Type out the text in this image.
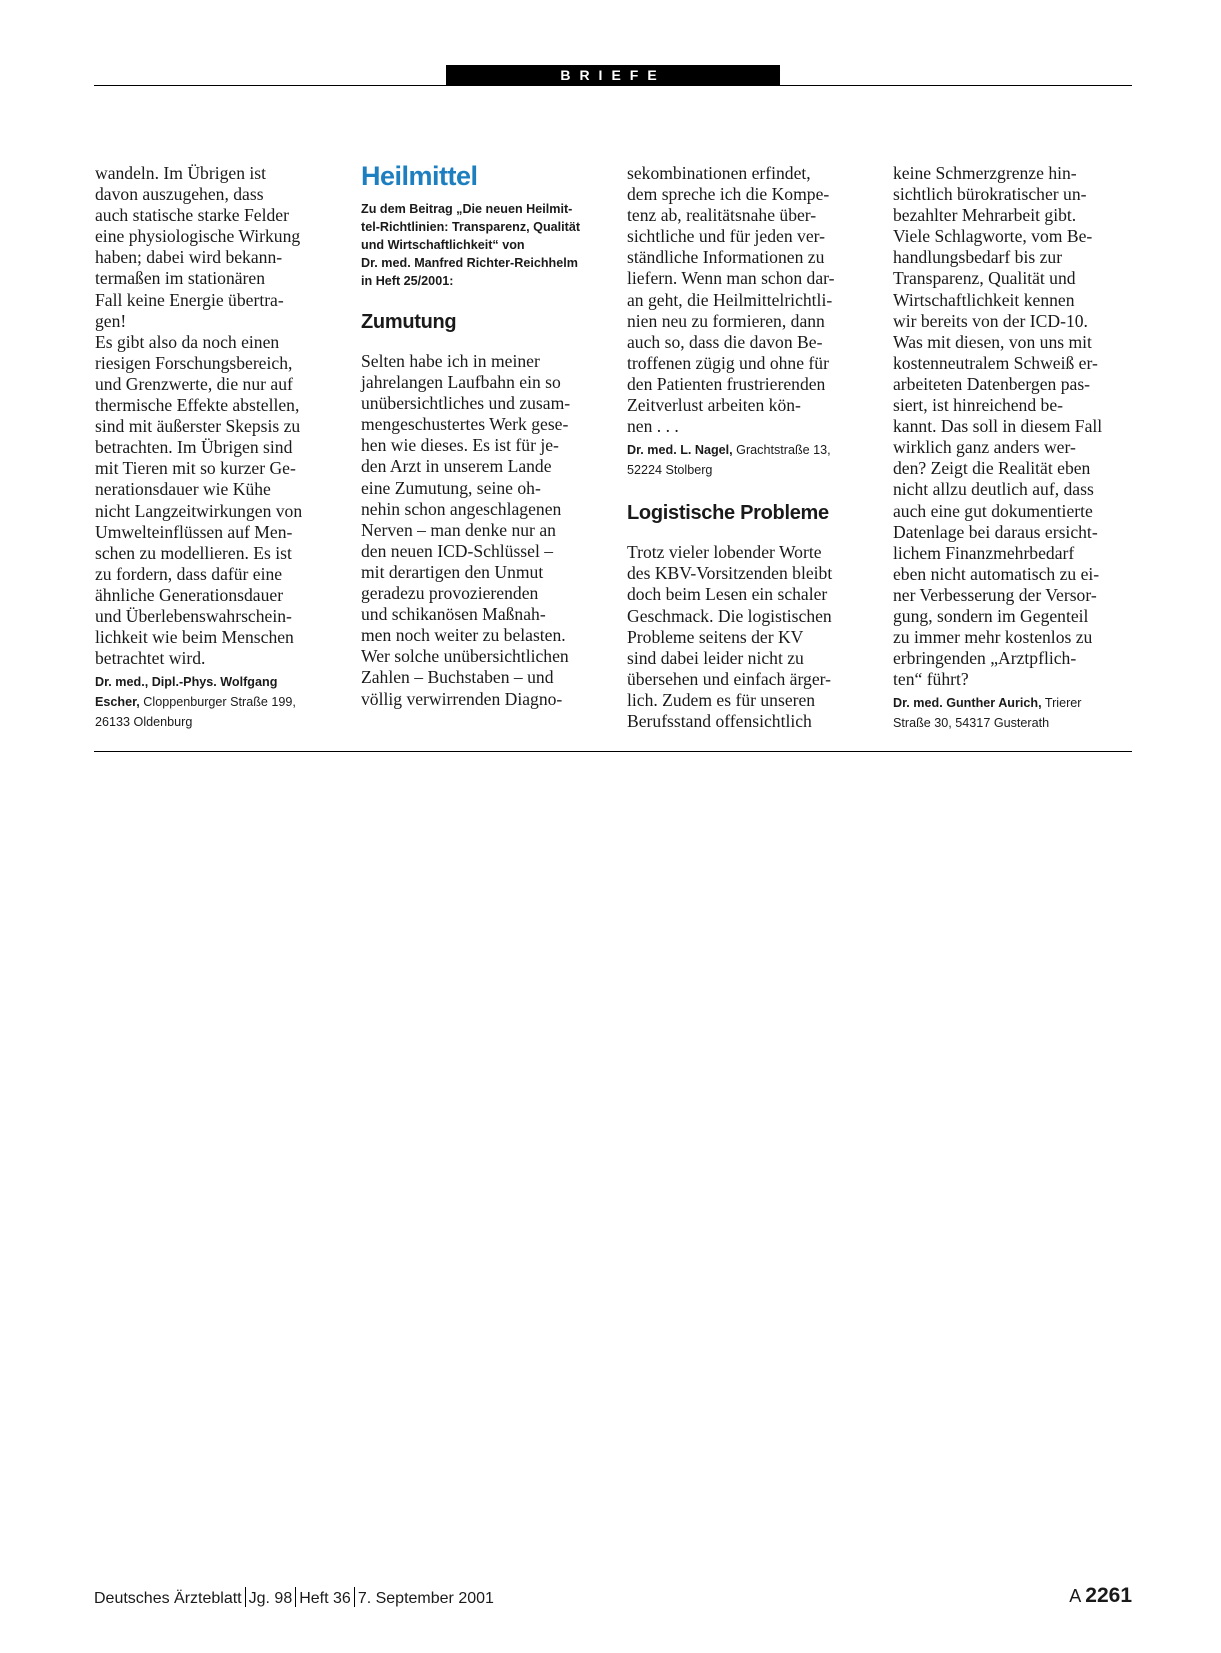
BRIEFE
wandeln. Im Übrigen ist
davon auszugehen, dass
auch statische starke Felder
eine physiologische Wirkung
haben; dabei wird bekann-
termaßen im stationären
Fall keine Energie übertra-
gen!
Es gibt also da noch einen
riesigen Forschungsbereich,
und Grenzwerte, die nur auf
thermische Effekte abstellen,
sind mit äußerster Skepsis zu
betrachten. Im Übrigen sind
mit Tieren mit so kurzer Ge-
nerationsdauer wie Kühe
nicht Langzeitwirkungen von
Umwelteinflüssen auf Men-
schen zu modellieren. Es ist
zu fordern, dass dafür eine
ähnliche Generationsdauer
und Überlebenswahrschein-
lichkeit wie beim Menschen
betrachtet wird.
Dr. med., Dipl.-Phys. Wolfgang
Escher, Cloppenburger Straße 199,
26133 Oldenburg
Heilmittel
Zu dem Beitrag „Die neuen Heilmit-
tel-Richtlinien: Transparenz, Qualität
und Wirtschaftlichkeit“ von
Dr. med. Manfred Richter-Reichhelm
in Heft 25/2001:
Zumutung
Selten habe ich in meiner
jahrelangen Laufbahn ein so
unübersichtliches und zusam-
mengeschustertes Werk gese-
hen wie dieses. Es ist für je-
den Arzt in unserem Lande
eine Zumutung, seine oh-
nehin schon angeschlagenen
Nerven – man denke nur an
den neuen ICD-Schlüssel –
mit derartigen den Unmut
geradezu provozierenden
und schikanösen Maßnah-
men noch weiter zu belasten.
Wer solche unübersichtlichen
Zahlen – Buchstaben – und
völlig verwirrenden Diagno-
sekombinationen erfindet,
dem spreche ich die Kompe-
tenz ab, realitätsnahe über-
sichtliche und für jeden ver-
ständliche Informationen zu
liefern. Wenn man schon dar-
an geht, die Heilmittelrichtli-
nien neu zu formieren, dann
auch so, dass die davon Be-
troffenen zügig und ohne für
den Patienten frustrierenden
Zeitverlust arbeiten kön-
nen . . .
Dr. med. L. Nagel, Grachtstraße 13,
52224 Stolberg
Logistische Probleme
Trotz vieler lobender Worte
des KBV-Vorsitzenden bleibt
doch beim Lesen ein schaler
Geschmack. Die logistischen
Probleme seitens der KV
sind dabei leider nicht zu
übersehen und einfach ärger-
lich. Zudem es für unseren
Berufsstand offensichtlich
keine Schmerzgrenze hin-
sichtlich bürokratischer un-
bezahlter Mehrarbeit gibt.
Viele Schlagworte, vom Be-
handlungsbedarf bis zur
Transparenz, Qualität und
Wirtschaftlichkeit kennen
wir bereits von der ICD-10.
Was mit diesen, von uns mit
kostenneutralem Schweiß er-
arbeiteten Datenbergen pas-
siert, ist hinreichend be-
kannt. Das soll in diesem Fall
wirklich ganz anders wer-
den? Zeigt die Realität eben
nicht allzu deutlich auf, dass
auch eine gut dokumentierte
Datenlage bei daraus ersicht-
lichem Finanzmehrbedarf
eben nicht automatisch zu ei-
ner Verbesserung der Versor-
gung, sondern im Gegenteil
zu immer mehr kostenlos zu
erbringenden „Arztpflich-
ten“ führt?
Dr. med. Gunther Aurich, Trierer
Straße 30, 54317 Gusterath
Deutsches Ärzteblatt Jg. 98 Heft 36 7. September 2001	A 2261
